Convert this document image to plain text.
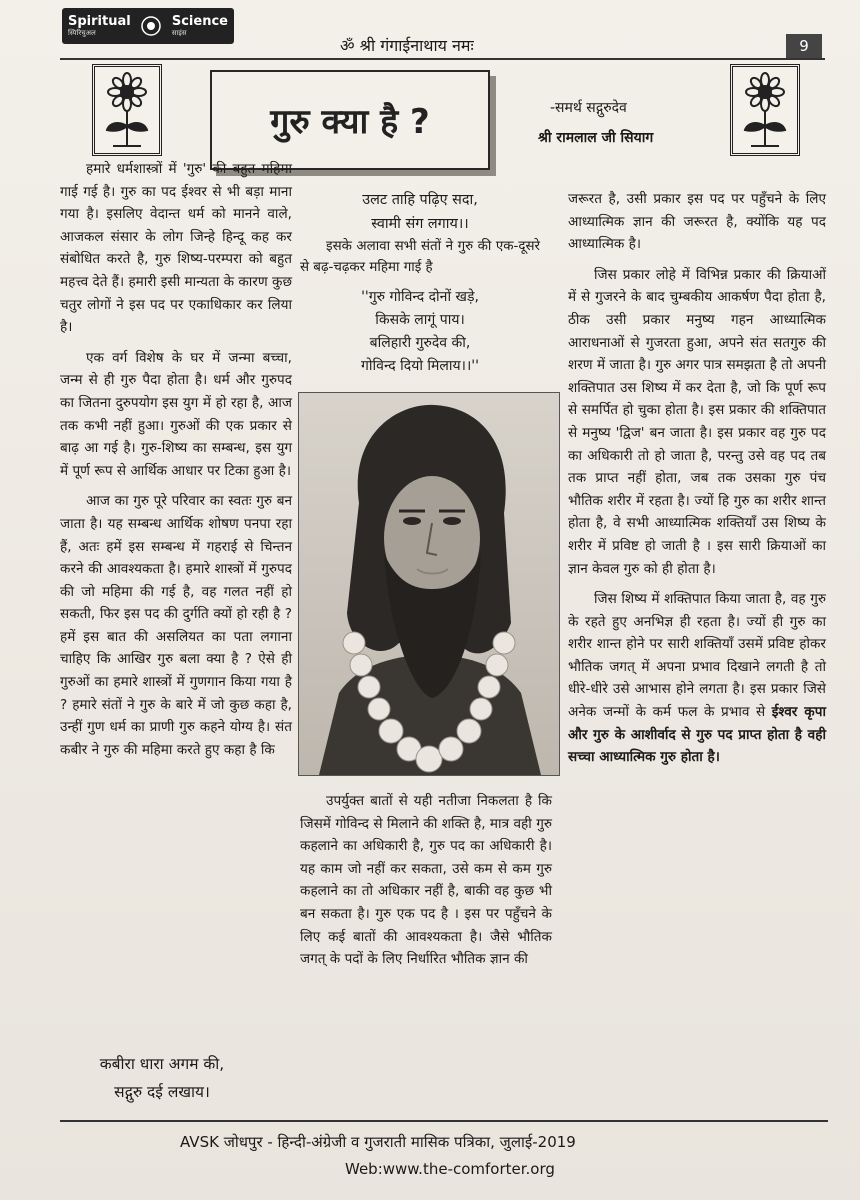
Spiritual
स्पिरिचुअल
Science
साइंस
ॐ श्री गंगाईनाथाय नमः	9
गुरु क्या है ?	-समर्थ सद्गुरुदेव
श्री रामलाल जी सियाग

हमारे धर्मशास्त्रों में 'गुरु' की बहुत महिमा गाई गई है। गुरु का पद ईश्वर से भी बड़ा माना गया है। इसलिए वेदान्त धर्म को मानने वाले, आजकल संसार के लोग जिन्हे हिन्दू कह कर संबोधित करते है, गुरु शिष्य-परम्परा को बहुत महत्त्व देते हैं। हमारी इसी मान्यता के कारण कुछ चतुर लोगों ने इस पद पर एकाधिकार कर लिया है।

एक वर्ग विशेष के घर में जन्मा बच्चा, जन्म से ही गुरु पैदा होता है। धर्म और गुरुपद का जितना दुरुपयोग इस युग में हो रहा है, आज तक कभी नहीं हुआ। गुरुओं की एक प्रकार से बाढ़ आ गई है। गुरु-शिष्य का सम्बन्ध, इस युग में पूर्ण रूप से आर्थिक आधार पर टिका हुआ है।

आज का गुरु पूरे परिवार का स्वतः गुरु बन जाता है। यह सम्बन्ध आर्थिक शोषण पनपा रहा हैं, अतः हमें इस सम्बन्ध में गहराई से चिन्तन करने की आवश्यकता है। हमारे शास्त्रों में गुरुपद की जो महिमा की गई है, वह गलत नहीं हो सकती, फिर इस पद की दुर्गति क्यों हो रही है ? हमें इस बात की असलियत का पता लगाना चाहिए कि आखिर गुरु बला क्या है ? ऐसे ही गुरुओं का हमारे शास्त्रों में गुणगान किया गया है ? हमारे संतों ने गुरु के बारे में जो कुछ कहा है, उन्हीं गुण धर्म का प्राणी गुरु कहने योग्य है। संत कबीर ने गुरु की महिमा करते हुए कहा है कि

कबीरा धारा अगम की,
सद्गुरु दई लखाय।
उलट ताहि पढ़िए सदा,
स्वामी संग लगाय।।

इसके अलावा सभी संतों ने गुरु की एक-दूसरे से बढ़-चढ़कर महिमा गाई है

''गुरु गोविन्द दोनों खड़े,
किसके लागूं पाय।
बलिहारी गुरुदेव की,
गोविन्द दियो मिलाय।।''

उपर्युक्त बातों से यही नतीजा निकलता है कि जिसमें गोविन्द से मिलाने की शक्ति है, मात्र वही गुरु कहलाने का अधिकारी है, गुरु पद का अधिकारी है। यह काम जो नहीं कर सकता, उसे कम से कम गुरु कहलाने का तो अधिकार नहीं है, बाकी वह कुछ भी बन सकता है। गुरु एक पद है । इस पर पहुँचने के लिए कई बातों की आवश्यकता है। जैसे भौतिक जगत् के पदों के लिए निर्धारित भौतिक ज्ञान की

जरूरत है, उसी प्रकार इस पद पर पहुँचने के लिए आध्यात्मिक ज्ञान की जरूरत है, क्योंकि यह पद आध्यात्मिक है।

जिस प्रकार लोहे में विभिन्न प्रकार की क्रियाओं में से गुजरने के बाद चुम्बकीय आकर्षण पैदा होता है, ठीक उसी प्रकार मनुष्य गहन आध्यात्मिक आराधनाओं से गुजरता हुआ, अपने संत सतगुरु की शरण में जाता है। गुरु अगर पात्र समझता है तो अपनी शक्तिपात उस शिष्य में कर देता है, जो कि पूर्ण रूप से समर्पित हो चुका होता है। इस प्रकार की शक्तिपात से मनुष्य 'द्विज' बन जाता है। इस प्रकार वह गुरु पद का अधिकारी तो हो जाता है, परन्तु उसे वह पद तब तक प्राप्त नहीं होता, जब तक उसका गुरु पंच भौतिक शरीर में रहता है। ज्यों हि गुरु का शरीर शान्त होता है, वे सभी आध्यात्मिक शक्तियाँ उस शिष्य के शरीर में प्रविष्ट हो जाती है । इस सारी क्रियाओं का ज्ञान केवल गुरु को ही होता है।

जिस शिष्य में शक्तिपात किया जाता है, वह गुरु के रहते हुए अनभिज्ञ ही रहता है। ज्यों ही गुरु का शरीर शान्त होने पर सारी शक्तियाँ उसमें प्रविष्ट होकर भौतिक जगत् में अपना प्रभाव दिखाने लगती है तो धीरे-धीरे उसे आभास होने लगता है। इस प्रकार जिसे अनेक जन्मों के कर्म फल के प्रभाव से ईश्वर कृपा और गुरु के आशीर्वाद से गुरु पद प्राप्त होता है वही सच्चा आध्यात्मिक गुरु होता है।

AVSK जोधपुर - हिन्दी-अंग्रेजी व गुजराती मासिक पत्रिका, जुलाई-2019
Web:www.the-comforter.org
